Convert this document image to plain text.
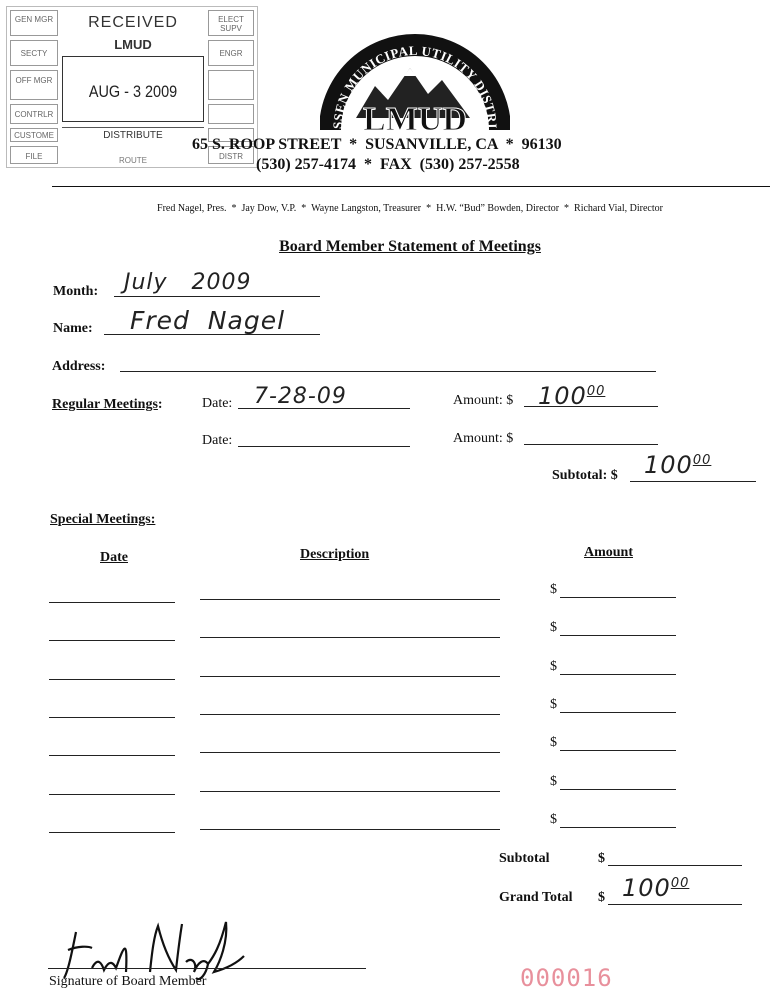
GEN MGR
SECTY
OFF MGR
CONTRLR
CUSTOME
FILE
ELECT SUPV
ENGR
DISTR
RECEIVED
LMUD
AUG - 3 2009
DISTRIBUTE
ROUTE
SSEN MUNICIPAL UTILITY DISTRI
LMUD
65 S. ROOP STREET  *  SUSANVILLE, CA  *  96130
(530) 257-4174  *  FAX  (530) 257-2558
Fred Nagel, Pres.  *  Jay Dow, V.P.  *  Wayne Langston, Treasurer  *  H.W. “Bud” Bowden, Director  *  Richard Vial, Director
Board Member Statement of Meetings
Month: July   2009
Name: Fred  Nagel
Address:
Regular Meetings:	Date: 7-28-09	Amount: $ $100^{00}$
Date:	Amount: $
Subtotal: $ $100^{00}$
Special Meetings:
Date	Description	Amount
$
$
$
$
$
$
$
Subtotal	$
Grand Total $ $100^{00}$
Signature of Board Member	000016
